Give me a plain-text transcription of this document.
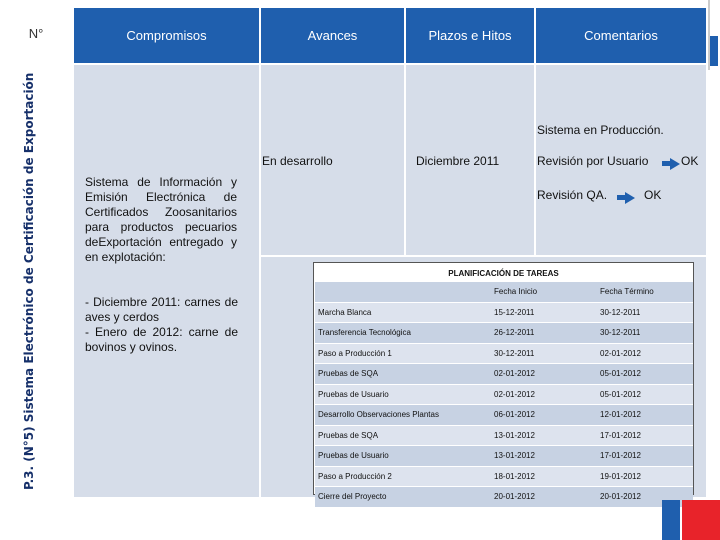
N°
P.3. (N°5) Sistema Electrónico de Certificación de Exportación
Compromisos	Avances	Plazos e Hitos	Comentarios
Sistema de Información y Emisión Electrónica de Certificados Zoosanitarios para productos pecuarios deExportación entregado y en explotación:
- Diciembre 2011: carnes de aves y cerdos
- Enero de 2012: carne de bovinos y ovinos.
En desarrollo	Diciembre 2011
Sistema en Producción.
Revisión por Usuario	OK
Revisión QA.	OK
PLANIFICACIÓN DE TAREAS
	Fecha Inicio	Fecha Término
Marcha Blanca	15-12-2011	30-12-2011
Transferencia Tecnológica	26-12-2011	30-12-2011
Paso a Producción 1	30-12-2011	02-01-2012
Pruebas de SQA	02-01-2012	05-01-2012
Pruebas de Usuario	02-01-2012	05-01-2012
Desarrollo Observaciones Plantas	06-01-2012	12-01-2012
Pruebas de SQA	13-01-2012	17-01-2012
Pruebas de Usuario	13-01-2012	17-01-2012
Paso a Producción 2	18-01-2012	19-01-2012
Cierre del Proyecto	20-01-2012	20-01-2012
